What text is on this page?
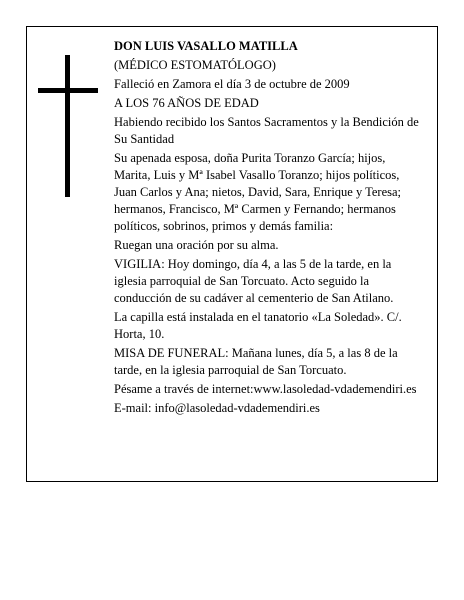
DON LUIS VASALLO MATILLA

(MÉDICO ESTOMATÓLOGO)

Falleció en Zamora el día 3 de octubre de 2009

A LOS 76 AÑOS DE EDAD

Habiendo recibido los Santos Sacramentos y la Bendición de Su Santidad

Su apenada esposa, doña Purita Toranzo García; hijos, Marita, Luis y Mª Isabel Vasallo Toranzo; hijos políticos, Juan Carlos y Ana; nietos, David, Sara, Enrique y Teresa; hermanos, Francisco, Mª Carmen y Fernando; hermanos políticos, sobrinos, primos y demás familia:

Ruegan una oración por su alma.

VIGILIA: Hoy domingo, día 4, a las 5 de la tarde, en la iglesia parroquial de San Torcuato. Acto seguido la conducción de su cadáver al cementerio de San Atilano.

La capilla está instalada en el tanatorio «La Soledad». C/. Horta, 10.

MISA DE FUNERAL: Mañana lunes, día 5, a las 8 de la tarde, en la iglesia parroquial de San Torcuato.

Pésame a través de internet:www.lasoledad-vdademendiri.es

E-mail: info@lasoledad-vdademendiri.es
